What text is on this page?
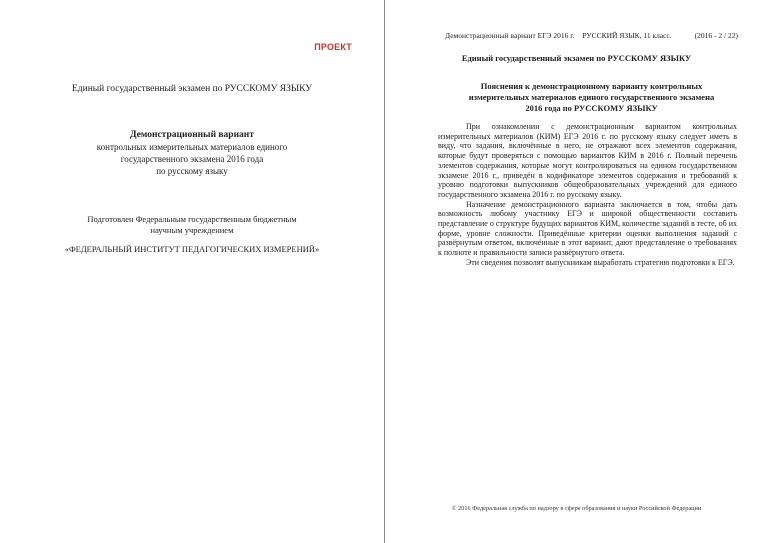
ПРОЕКТ
Единый государственный экзамен по РУССКОМУ ЯЗЫКУ
Демонстрационный вариант
контрольных измерительных материалов единого
государственного экзамена 2016 года
по русскому языку
Подготовлен Федеральным государственным бюджетным
научным учреждением
«ФЕДЕРАЛЬНЫЙ ИНСТИТУТ ПЕДАГОГИЧЕСКИХ ИЗМЕРЕНИЙ»
Демонстрационный вариант ЕГЭ 2016 г. РУССКИЙ ЯЗЫК, 11 класс.	(2016 - 2 / 22)
Единый государственный экзамен по РУССКОМУ ЯЗЫКУ
Пояснения к демонстрационному варианту контрольных
измерительных материалов единого государственного экзамена
2016 года по РУССКОМУ ЯЗЫКУ

При ознакомлении с демонстрационным вариантом контрольных измерительных материалов (КИМ) ЕГЭ 2016 г. по русскому языку следует иметь в виду, что задания, включённые в него, не отражают всех элементов содержания, которые будут проверяться с помощью вариантов КИМ в 2016 г. Полный перечень элементов содержания, которые могут контролироваться на едином государственном экзамене 2016 г., приведён в кодификаторе элементов содержания и требований к уровню подготовки выпускников общеобразовательных учреждений для единого государственного экзамена 2016 г. по русскому языку.

Назначение демонстрационного варианта заключается в том, чтобы дать возможность любому участнику ЕГЭ и широкой общественности составить представление о структуре будущих вариантов КИМ, количестве заданий в тесте, об их форме, уровне сложности. Приведённые критерии оценки выполнения заданий с развёрнутым ответом, включённые в этот вариант, дают представление о требованиях к полноте и правильности записи развёрнутого ответа.

Эти сведения позволят выпускникам выработать стратегию подготовки к ЕГЭ.

© 2016 Федеральная служба по надзору в сфере образования и науки Российской Федерации
